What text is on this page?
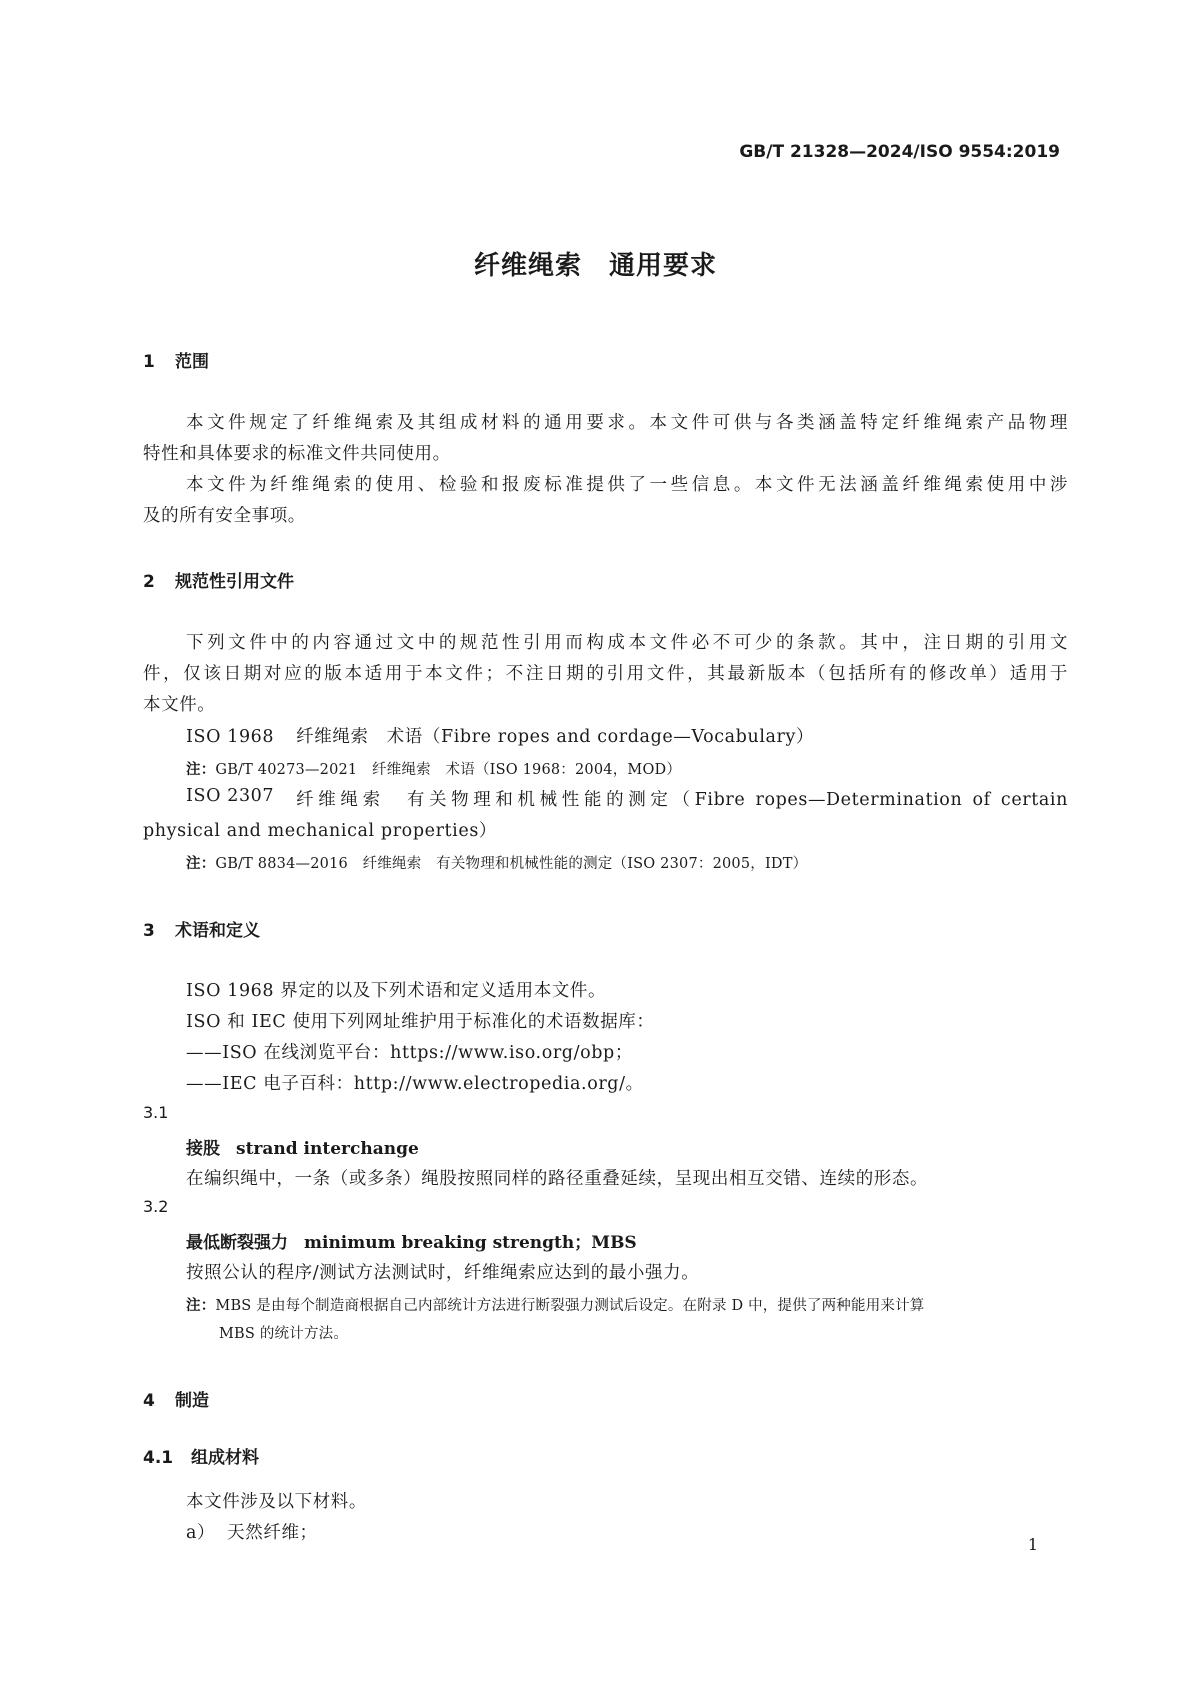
GB/T 21328—2024/ISO 9554:2019

纤维绳索　通用要求
1 范围

本文件规定了纤维绳索及其组成材料的通用要求。本文件可供与各类涵盖特定纤维绳索产品物理

特性和具体要求的标准文件共同使用。

本文件为纤维绳索的使用、检验和报废标准提供了一些信息。本文件无法涵盖纤维绳索使用中涉

及的所有安全事项。

2 规范性引用文件

下列文件中的内容通过文中的规范性引用而构成本文件必不可少的条款。其中，注日期的引用文

件，仅该日期对应的版本适用于本文件；不注日期的引用文件，其最新版本（包括所有的修改单）适用于

本文件。

ISO 1968 纤维绳索　术语（Fibre ropes and cordage—Vocabulary）

注：GB/T 40273—2021　纤维绳索　术语（ISO 1968：2004，MOD）

ISO 2307 纤维绳索　有关物理和机械性能的测定（Fibre ropes—Determination of certain

physical and mechanical properties）

注：GB/T 8834—2016　纤维绳索　有关物理和机械性能的测定（ISO 2307：2005，IDT）

3 术语和定义

ISO 1968 界定的以及下列术语和定义适用本文件。

ISO 和 IEC 使用下列网址维护用于标准化的术语数据库：

——ISO 在线浏览平台：https://www.iso.org/obp；

——IEC 电子百科：http://www.electropedia.org/。

3.1

接股 strand interchange

在编织绳中，一条（或多条）绳股按照同样的路径重叠延续，呈现出相互交错、连续的形态。

3.2

最低断裂强力 minimum breaking strength；MBS

按照公认的程序/测试方法测试时，纤维绳索应达到的最小强力。

注：MBS 是由每个制造商根据自己内部统计方法进行断裂强力测试后设定。在附录 D 中，提供了两种能用来计算

MBS 的统计方法。

4 制造
4.1 组成材料

本文件涉及以下材料。

a） 天然纤维；

1
